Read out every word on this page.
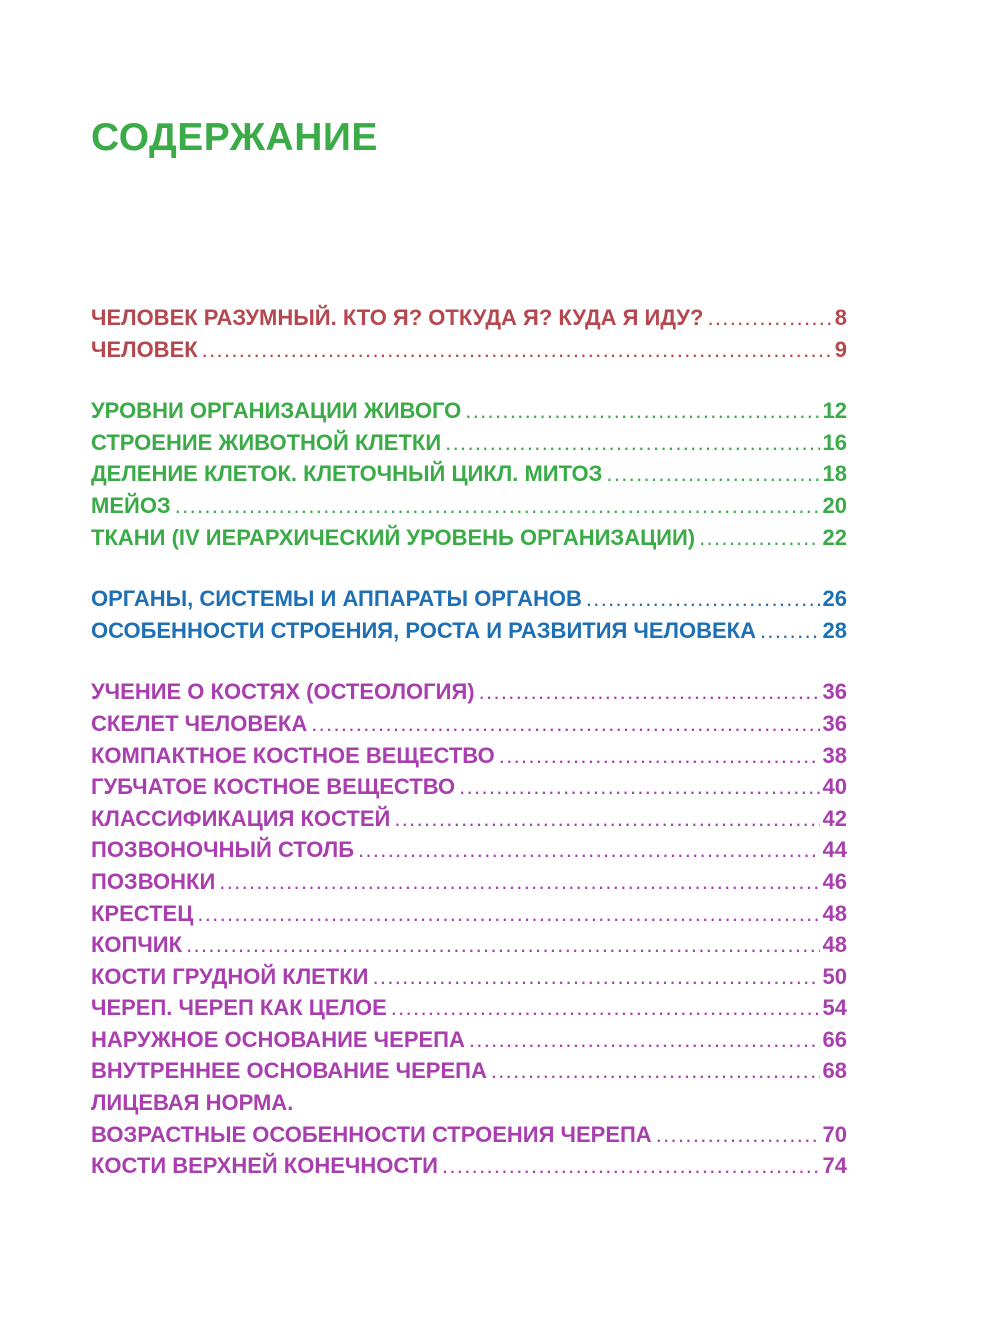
СОДЕРЖАНИЕ
ЧЕЛОВЕК РАЗУМНЫЙ. КТО Я? ОТКУДА Я? КУДА Я ИДУ? . . .	8
ЧЕЛОВЕК . . .	9
УРОВНИ ОРГАНИЗАЦИИ ЖИВОГО . . .	12
СТРОЕНИЕ ЖИВОТНОЙ КЛЕТКИ . . .	16
ДЕЛЕНИЕ КЛЕТОК. КЛЕТОЧНЫЙ ЦИКЛ. МИТОЗ . . .	18
МЕЙОЗ . . .	20
ТКАНИ (IV ИЕРАРХИЧЕСКИЙ УРОВЕНЬ ОРГАНИЗАЦИИ) . . .	22
ОРГАНЫ, СИСТЕМЫ И АППАРАТЫ ОРГАНОВ . . .	26
ОСОБЕННОСТИ СТРОЕНИЯ, РОСТА И РАЗВИТИЯ ЧЕЛОВЕКА . . .	28
УЧЕНИЕ О КОСТЯХ (ОСТЕОЛОГИЯ) . . .	36
СКЕЛЕТ ЧЕЛОВЕКА . . .	36
КОМПАКТНОЕ КОСТНОЕ ВЕЩЕСТВО . . .	38
ГУБЧАТОЕ КОСТНОЕ ВЕЩЕСТВО . . .	40
КЛАССИФИКАЦИЯ КОСТЕЙ . . .	42
ПОЗВОНОЧНЫЙ СТОЛБ . . .	44
ПОЗВОНКИ . . .	46
КРЕСТЕЦ . . .	48
КОПЧИК . . .	48
КОСТИ ГРУДНОЙ КЛЕТКИ . . .	50
ЧЕРЕП. ЧЕРЕП КАК ЦЕЛОЕ . . .	54
НАРУЖНОЕ ОСНОВАНИЕ ЧЕРЕПА . . .	66
ВНУТРЕННЕЕ ОСНОВАНИЕ ЧЕРЕПА . . .	68
ЛИЦЕВАЯ НОРМА.
ВОЗРАСТНЫЕ ОСОБЕННОСТИ СТРОЕНИЯ ЧЕРЕПА . . .	70
КОСТИ ВЕРХНЕЙ КОНЕЧНОСТИ . . .	74
